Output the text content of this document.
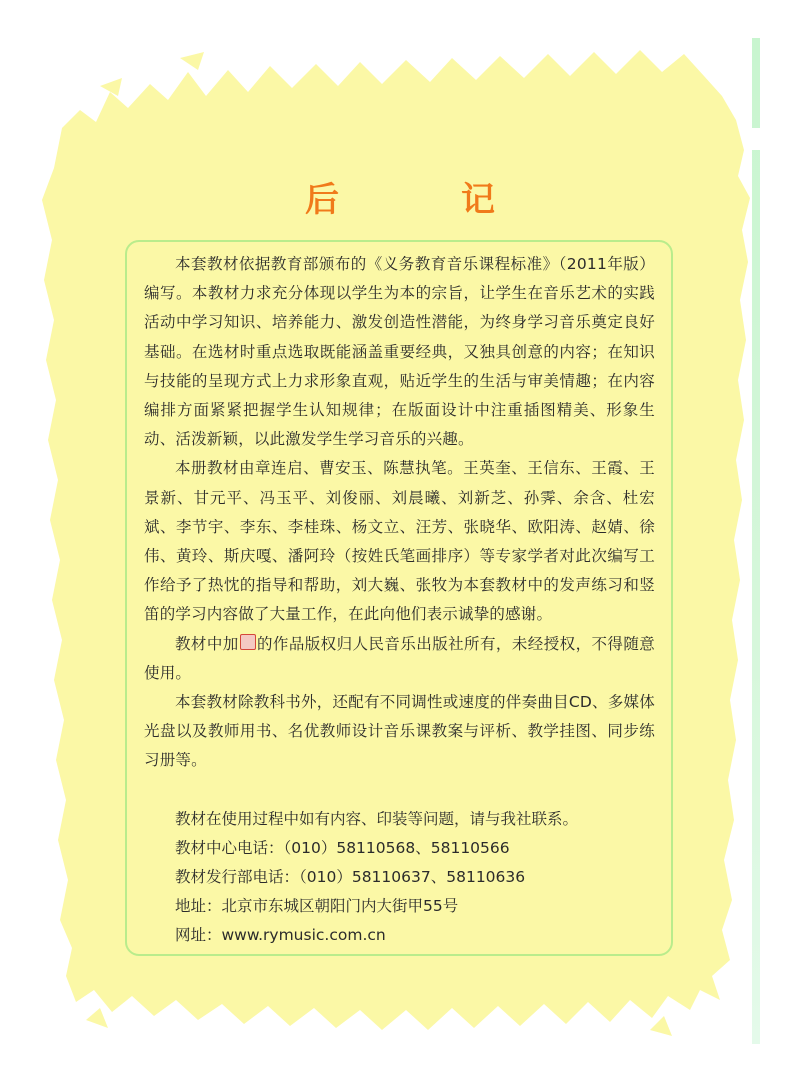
后　记

本套教材依据教育部颁布的《义务教育音乐课程标准》（2011年版）编写。本教材力求充分体现以学生为本的宗旨，让学生在音乐艺术的实践活动中学习知识、培养能力、激发创造性潜能，为终身学习音乐奠定良好基础。在选材时重点选取既能涵盖重要经典，又独具创意的内容；在知识与技能的呈现方式上力求形象直观，贴近学生的生活与审美情趣；在内容编排方面紧紧把握学生认知规律；在版面设计中注重插图精美、形象生动、活泼新颖，以此激发学生学习音乐的兴趣。

本册教材由章连启、曹安玉、陈慧执笔。王英奎、王信东、王霞、王景新、甘元平、冯玉平、刘俊丽、刘晨曦、刘新芝、孙霁、余含、杜宏斌、李节宇、李东、李桂珠、杨文立、汪芳、张晓华、欧阳涛、赵婧、徐伟、黄玲、斯庆嘎、潘阿玲（按姓氏笔画排序）等专家学者对此次编写工作给予了热忱的指导和帮助，刘大巍、张牧为本套教材中的发声练习和竖笛的学习内容做了大量工作，在此向他们表示诚挚的感谢。

教材中加 的作品版权归人民音乐出版社所有，未经授权，不得随意使用。

本套教材除教科书外，还配有不同调性或速度的伴奏曲目CD、多媒体光盘以及教师用书、名优教师设计音乐课教案与评析、教学挂图、同步练习册等。

教材在使用过程中如有内容、印装等问题，请与我社联系。
教材中心电话：（010）58110568、58110566
教材发行部电话：（010）58110637、58110636
地址：北京市东城区朝阳门内大街甲55号
网址：www.rymusic.com.cn
